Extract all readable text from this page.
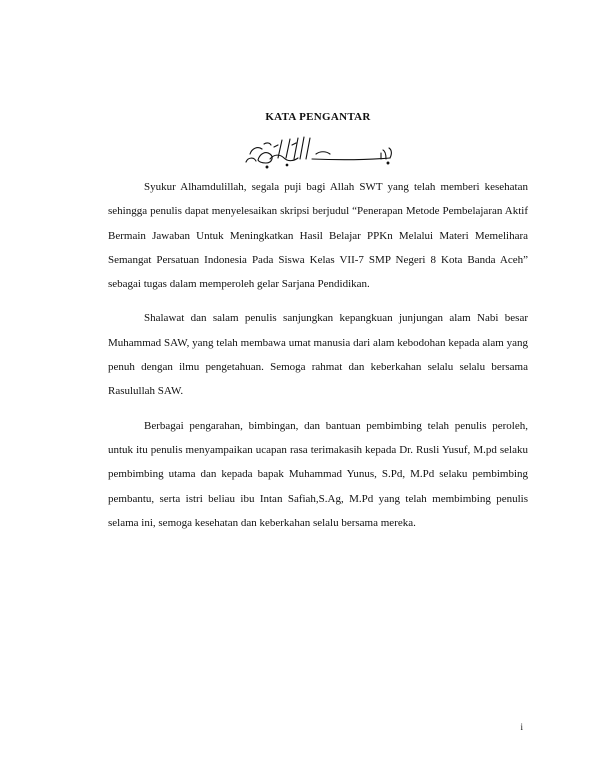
KATA PENGANTAR

Syukur Alhamdulillah, segala puji bagi Allah SWT yang telah memberi kesehatan sehingga penulis dapat menyelesaikan skripsi berjudul “Penerapan Metode Pembelajaran Aktif Bermain Jawaban Untuk Meningkatkan Hasil Belajar PPKn Melalui Materi Memelihara Semangat Persatuan Indonesia Pada Siswa Kelas VII-7 SMP Negeri 8 Kota Banda Aceh” sebagai tugas dalam memperoleh gelar Sarjana Pendidikan.

Shalawat dan salam penulis sanjungkan kepangkuan junjungan alam Nabi besar Muhammad SAW, yang telah membawa umat manusia dari alam kebodohan kepada alam yang penuh dengan ilmu pengetahuan. Semoga rahmat dan keberkahan selalu selalu bersama Rasulullah SAW.

Berbagai pengarahan, bimbingan, dan bantuan pembimbing telah penulis peroleh, untuk itu penulis menyampaikan ucapan rasa terimakasih kepada Dr. Rusli Yusuf, M.pd selaku pembimbing utama dan kepada bapak Muhammad Yunus, S.Pd, M.Pd selaku pembimbing pembantu, serta istri beliau ibu Intan Safiah,S.Ag, M.Pd yang telah membimbing penulis selama ini, semoga kesehatan dan keberkahan selalu bersama mereka.

i
